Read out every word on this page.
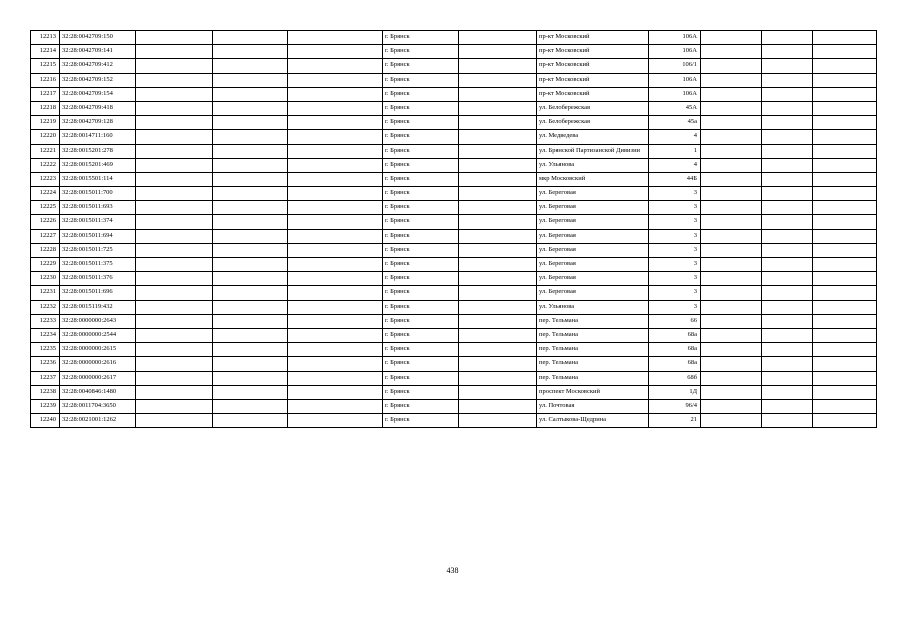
12213	32:28:0042709:150				г. Брянск		пр-кт Московский	106А			
12214	32:28:0042709:141				г. Брянск		пр-кт Московский	106А			
12215	32:28:0042709:412				г. Брянск		пр-кт Московский	106/1			
12216	32:28:0042709:152				г. Брянск		пр-кт Московский	106А			
12217	32:28:0042709:154				г. Брянск		пр-кт Московский	106А			
12218	32:28:0042709:418				г. Брянск		ул. Белобережская	45А			
12219	32:28:0042709:128				г. Брянск		ул. Белобережская	45а			
12220	32:28:0014711:160				г. Брянск		ул. Медведева	4			
12221	32:28:0015201:278				г. Брянск		ул. Брянской Партизанской Дивизии	1			
12222	32:28:0015201:469				г. Брянск		ул. Ульянова	4			
12223	32:28:0015501:114				г. Брянск		мкр Московский	44Б			
12224	32:28:0015011:700				г. Брянск		ул. Береговая	3			
12225	32:28:0015011:693				г. Брянск		ул. Береговая	3			
12226	32:28:0015011:374				г. Брянск		ул. Береговая	3			
12227	32:28:0015011:694				г. Брянск		ул. Береговая	3			
12228	32:28:0015011:725				г. Брянск		ул. Береговая	3			
12229	32:28:0015011:375				г. Брянск		ул. Береговая	3			
12230	32:28:0015011:376				г. Брянск		ул. Береговая	3			
12231	32:28:0015011:696				г. Брянск		ул. Береговая	3			
12232	32:28:0015119:432				г. Брянск		ул. Ульянова	3			
12233	32:28:0000000:2643				г. Брянск		пер. Тельмана	66			
12234	32:28:0000000:2544				г. Брянск		пер. Тельмана	68а			
12235	32:28:0000000:2615				г. Брянск		пер. Тельмана	68а			
12236	32:28:0000000:2616				г. Брянск		пер. Тельмана	68а			
12237	32:28:0000000:2617				г. Брянск		пер. Тельмана	68б			
12238	32:28:0040846:1480				г. Брянск		проспект Московский	1Д			
12239	32:28:0011704:3650				г. Брянск		ул. Почтовая	96/4			
12240	32:28:0021001:1262				г. Брянск		ул. Салтыкова-Щедрина	21			
438
